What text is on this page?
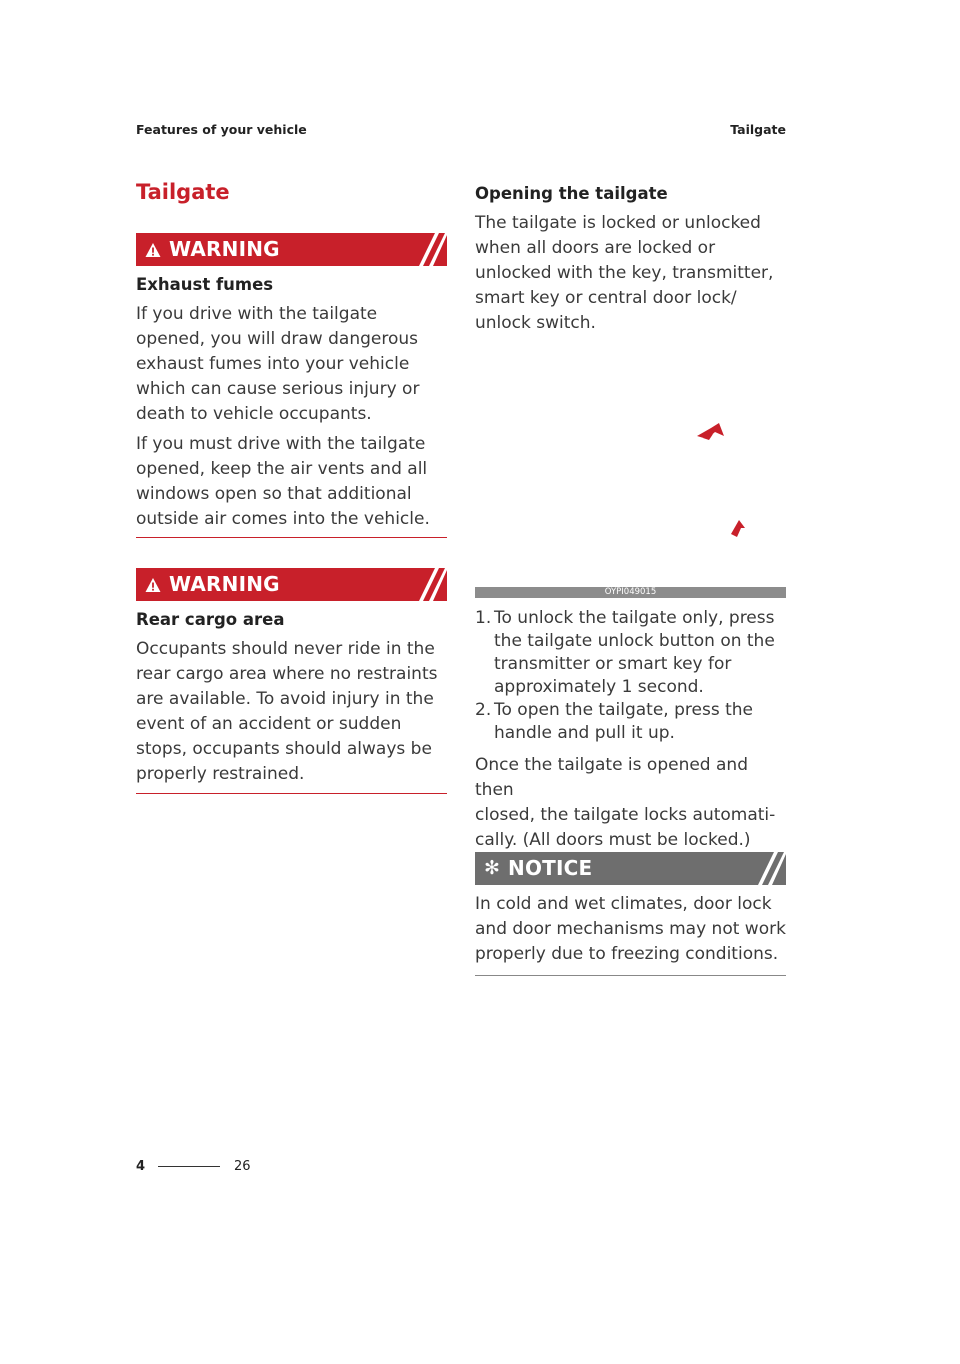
Features of your vehicle	Tailgate
Tailgate
WARNING
Exhaust fumes
If you drive with the tailgate
opened, you will draw dangerous
exhaust fumes into your vehicle
which can cause serious injury or
death to vehicle occupants.
If you must drive with the tailgate
opened, keep the air vents and all
windows open so that additional
outside air comes into the vehicle.
WARNING
Rear cargo area
Occupants should never ride in the
rear cargo area where no restraints
are available. To avoid injury in the
event of an accident or sudden
stops, occupants should always be
properly restrained.
Opening the tailgate
The tailgate is locked or unlocked
when all doors are locked or
unlocked with the key, transmitter,
smart key or central door lock/
unlock switch.
OYPI049015
1. To unlock the tailgate only, press
the tailgate unlock button on the
transmitter or smart key for
approximately 1 second.
2. To open the tailgate, press the
handle and pull it up.
Once the tailgate is opened and then
closed, the tailgate locks automati-
cally. (All doors must be locked.)
✻ NOTICE
In cold and wet climates, door lock
and door mechanisms may not work
properly due to freezing conditions.
4	26
